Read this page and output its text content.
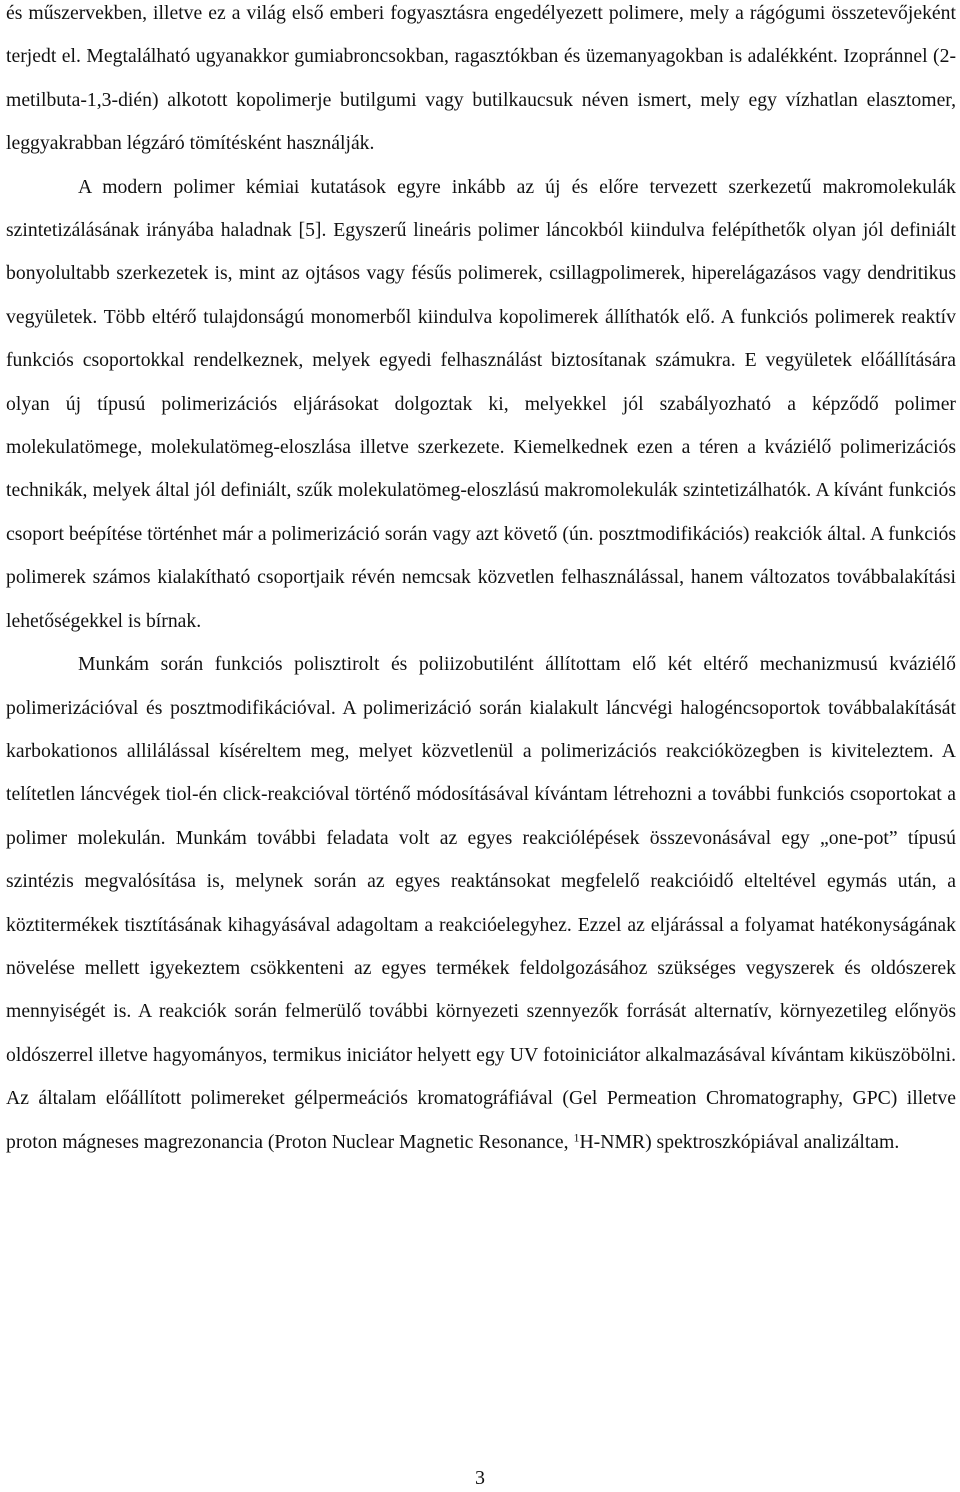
és műszervekben, illetve ez a világ első emberi fogyasztásra engedélyezett polimere, mely a rágógumi összetevőjeként terjedt el. Megtalálható ugyanakkor gumiabroncsokban, ragasztókban és üzemanyagokban is adalékként. Izopránnel (2-metilbuta-1,3-dién) alkotott kopolimerje butilgumi vagy butilkaucsuk néven ismert, mely egy vízhatlan elasztomer, leggyakrabban légzáró tömítésként használják.

A modern polimer kémiai kutatások egyre inkább az új és előre tervezett szerkezetű makromolekulák szintetizálásának irányába haladnak [5]. Egyszerű lineáris polimer láncokból kiindulva felépíthetők olyan jól definiált bonyolultabb szerkezetek is, mint az ojtásos vagy fésűs polimerek, csillagpolimerek, hiperelágazásos vagy dendritikus vegyületek. Több eltérő tulajdonságú monomerből kiindulva kopolimerek állíthatók elő. A funkciós polimerek reaktív funkciós csoportokkal rendelkeznek, melyek egyedi felhasználást biztosítanak számukra. E vegyületek előállítására olyan új típusú polimerizációs eljárásokat dolgoztak ki, melyekkel jól szabályozható a képződő polimer molekulatömege, molekulatömeg-eloszlása illetve szerkezete. Kiemelkednek ezen a téren a kváziélő polimerizációs technikák, melyek által jól definiált, szűk molekulatömeg-eloszlású makromolekulák szintetizálhatók. A kívánt funkciós csoport beépítése történhet már a polimerizáció során vagy azt követő (ún. posztmodifikációs) reakciók által. A funkciós polimerek számos kialakítható csoportjaik révén nemcsak közvetlen felhasználással, hanem változatos továbbalakítási lehetőségekkel is bírnak.

Munkám során funkciós polisztirolt és poliizobutilént állítottam elő két eltérő mechanizmusú kváziélő polimerizációval és posztmodifikációval. A polimerizáció során kialakult láncvégi halogéncsoportok továbbalakítását karbokationos allilálással kíséreltem meg, melyet közvetlenül a polimerizációs reakcióközegben is kiviteleztem. A telítetlen láncvégek tiol-én click-reakcióval történő módosításával kívántam létrehozni a további funkciós csoportokat a polimer molekulán. Munkám további feladata volt az egyes reakciólépések összevonásával egy „one-pot” típusú szintézis megvalósítása is, melynek során az egyes reaktánsokat megfelelő reakcióidő elteltével egymás után, a köztitermékek tisztításának kihagyásával adagoltam a reakcióelegyhez. Ezzel az eljárással a folyamat hatékonyságának növelése mellett igyekeztem csökkenteni az egyes termékek feldolgozásához szükséges vegyszerek és oldószerek mennyiségét is. A reakciók során felmerülő további környezeti szennyezők forrását alternatív, környezetileg előnyös oldószerrel illetve hagyományos, termikus iniciátor helyett egy UV fotoiniciátor alkalmazásával kívántam kiküszöbölni. Az általam előállított polimereket gélpermeációs kromatográfiával (Gel Permeation Chromatography, GPC) illetve proton mágneses magrezonancia (Proton Nuclear Magnetic Resonance, $^1$H-NMR) spektroszkópiával analizáltam.

3
